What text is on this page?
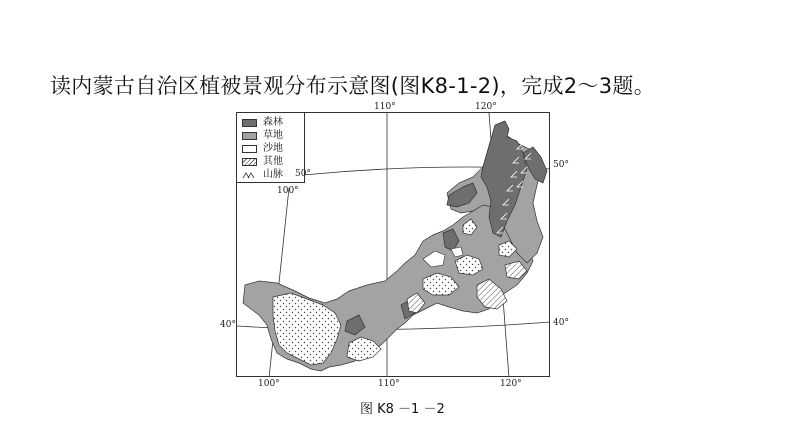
读内蒙古自治区植被景观分布示意图(图K8-1-2)，完成2～3题。
森林
草地
沙地
其他
山脉
100°
50°
110°	120°
50°
40°	40°
100°	110°	120°
图 K8 －1 －2
